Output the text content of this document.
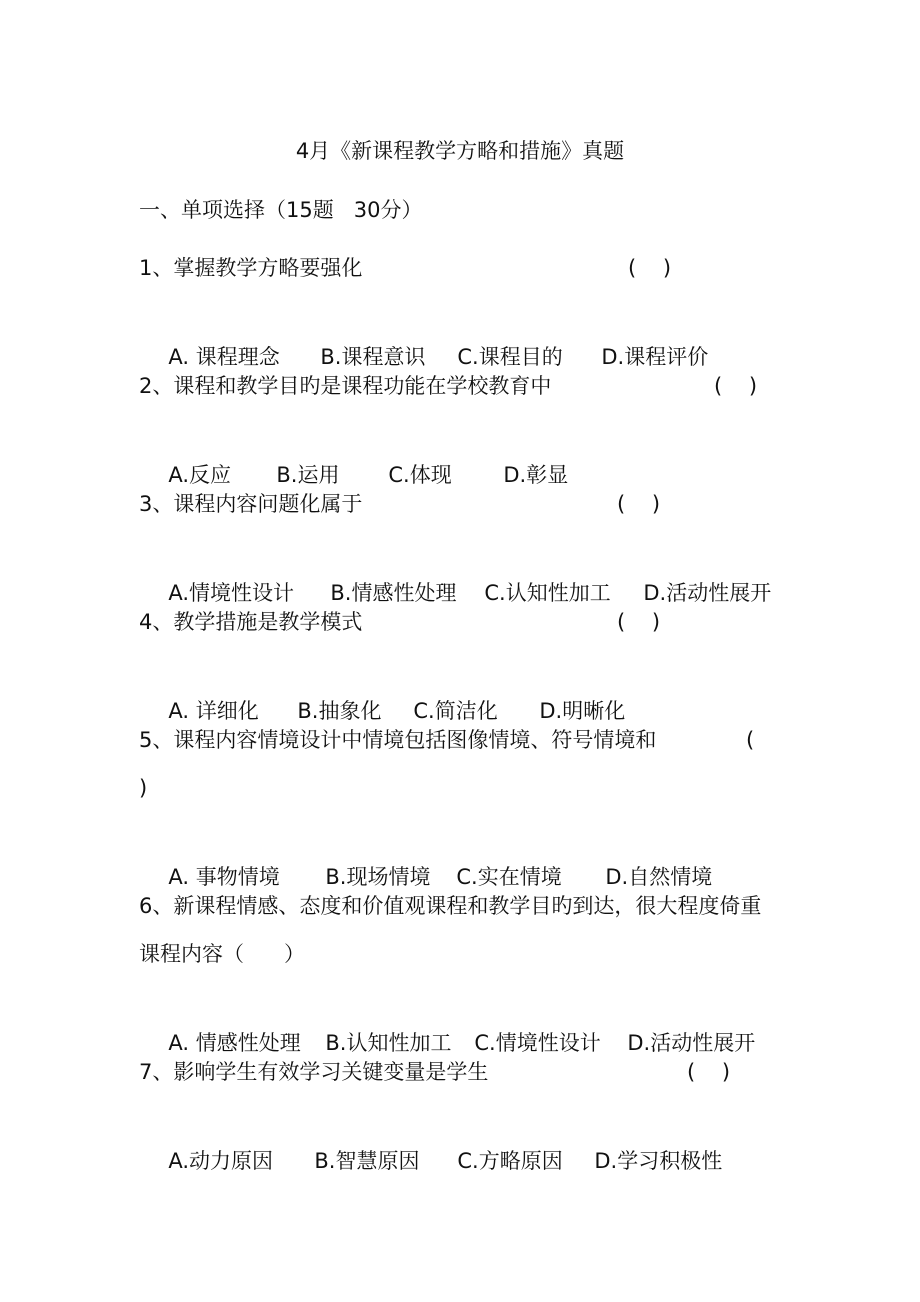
4月《新课程教学方略和措施》真题
一、单项选择（15题   30分）
1、掌握教学方略要强化	(    )

A. 课程理念 B.课程意识 C.课程目的 D.课程评价

2、课程和教学目旳是课程功能在学校教育中	(    )

A.反应 B.运用 C.体现 D.彰显

3、课程内容问题化属于	(    )

A.情境性设计 B.情感性处理 C.认知性加工 D.活动性展开

4、教学措施是教学模式	(    )

A. 详细化 B.抽象化 C.简洁化 D.明晰化

5、课程内容情境设计中情境包括图像情境、符号情境和	(
)

A. 事物情境 B.现场情境 C.实在情境 D.自然情境

6、新课程情感、态度和价值观课程和教学目旳到达，很大程度倚重
课程内容（      ）

A. 情感性处理 B.认知性加工 C.情境性设计 D.活动性展开

7、影响学生有效学习关键变量是学生	(    )

A.动力原因 B.智慧原因 C.方略原因 D.学习积极性
